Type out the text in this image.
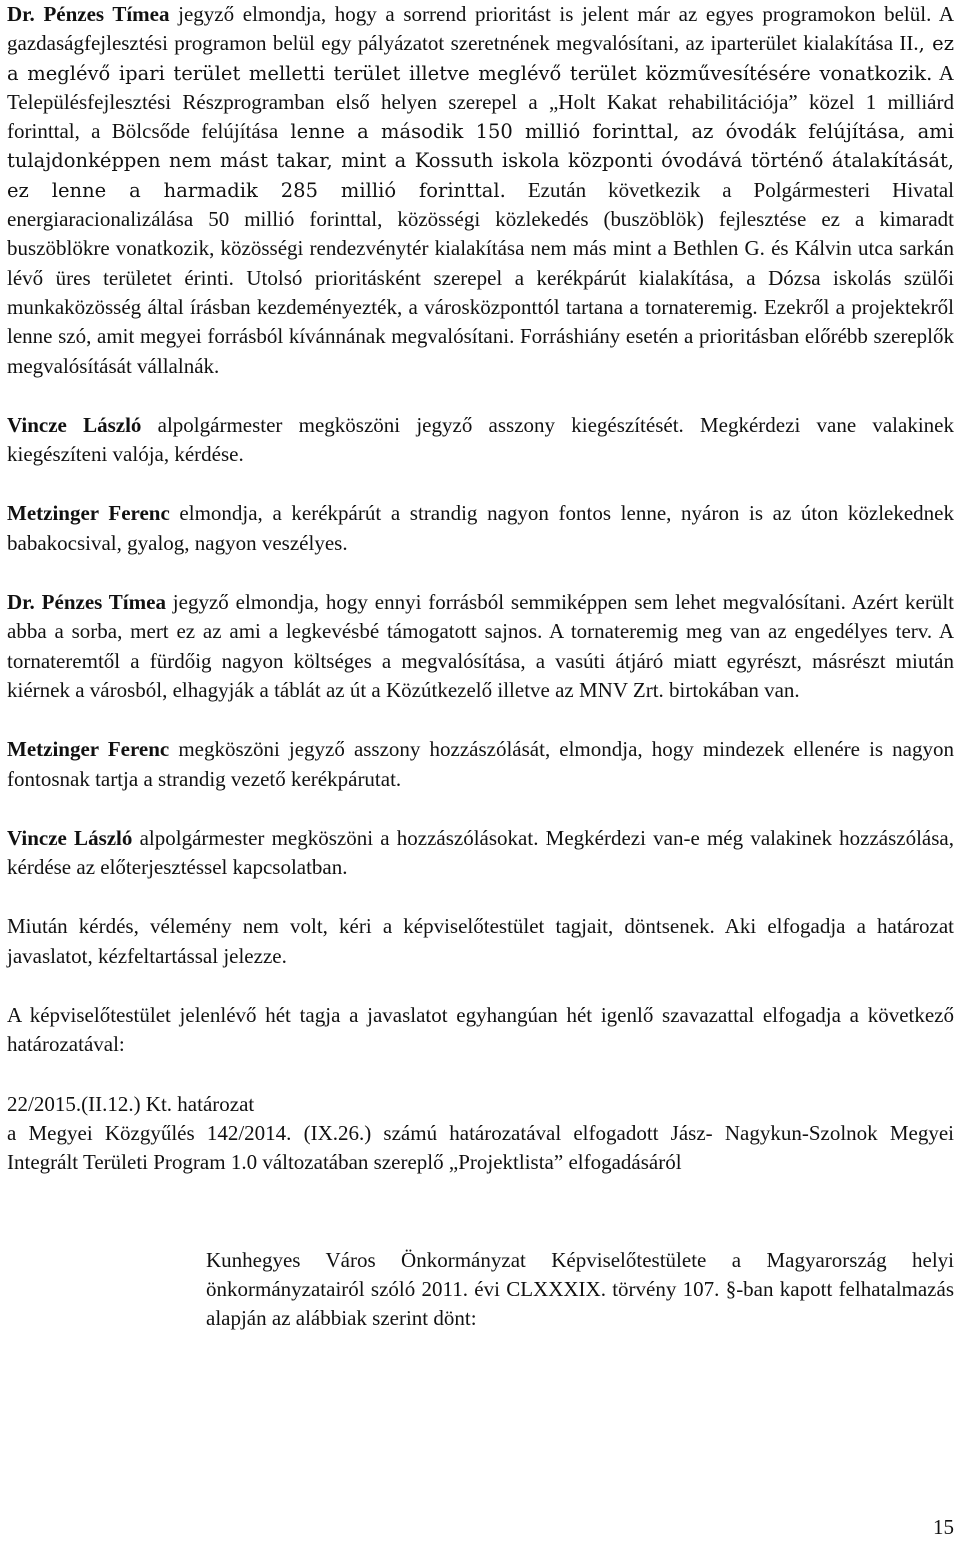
Dr. Pénzes Tímea jegyző elmondja, hogy a sorrend prioritást is jelent már az egyes programokon belül. A gazdaságfejlesztési programon belül egy pályázatot szeretnének megvalósítani, az iparterület kialakítása II., ez a meglévő ipari terület melletti terület illetve meglévő terület közművesítésére vonatkozik. A Településfejlesztési Részprogramban első helyen szerepel a „Holt Kakat rehabilitációja” közel 1 milliárd forinttal, a Bölcsőde felújítása lenne a második 150 millió forinttal, az óvodák felújítása, ami tulajdonképpen nem mást takar, mint a Kossuth iskola központi óvodává történő átalakítását, ez lenne a harmadik 285 millió forinttal. Ezután következik a Polgármesteri Hivatal energiaracionalizálása 50 millió forinttal, közösségi közlekedés (buszöblök) fejlesztése ez a kimaradt buszöblökre vonatkozik, közösségi rendezvénytér kialakítása nem más mint a Bethlen G. és Kálvin utca sarkán lévő üres területet érinti. Utolsó prioritásként szerepel a kerékpárút kialakítása, a Dózsa iskolás szülői munkaközösség által írásban kezdeményezték, a városközponttól tartana a tornateremig. Ezekről a projektekről lenne szó, amit megyei forrásból kívánnának megvalósítani. Forráshiány esetén a prioritásban előrébb szereplők megvalósítását vállalnák.

Vincze László alpolgármester megköszöni jegyző asszony kiegészítését. Megkérdezi vane valakinek kiegészíteni valója, kérdése.

Metzinger Ferenc elmondja, a kerékpárút a strandig nagyon fontos lenne, nyáron is az úton közlekednek babakocsival, gyalog, nagyon veszélyes.

Dr. Pénzes Tímea jegyző elmondja, hogy ennyi forrásból semmiképpen sem lehet megvalósítani. Azért került abba a sorba, mert ez az ami a legkevésbé támogatott sajnos. A tornateremig meg van az engedélyes terv. A tornateremtől a fürdőig nagyon költséges a megvalósítása, a vasúti átjáró miatt egyrészt, másrészt miután kiérnek a városból, elhagyják a táblát az út a Közútkezelő illetve az MNV Zrt. birtokában van.

Metzinger Ferenc megköszöni jegyző asszony hozzászólását, elmondja, hogy mindezek ellenére is nagyon fontosnak tartja a strandig vezető kerékpárutat.

Vincze László alpolgármester megköszöni a hozzászólásokat. Megkérdezi van-e még valakinek hozzászólása, kérdése az előterjesztéssel kapcsolatban.

Miután kérdés, vélemény nem volt, kéri a képviselőtestület tagjait, döntsenek. Aki elfogadja a határozat javaslatot, kézfeltartással jelezze.

A képviselőtestület jelenlévő hét tagja a javaslatot egyhangúan hét igenlő szavazattal elfogadja a következő határozatával:

22/2015.(II.12.) Kt. határozat

a Megyei Közgyűlés 142/2014. (IX.26.) számú határozatával elfogadott Jász- Nagykun-Szolnok Megyei Integrált Területi Program 1.0 változatában szereplő „Projektlista” elfogadásáról

Kunhegyes Város Önkormányzat Képviselőtestülete a Magyarország helyi önkormányzatairól szóló 2011. évi CLXXXIX. törvény 107. §-ban kapott felhatalmazás alapján az alábbiak szerint dönt:

15
